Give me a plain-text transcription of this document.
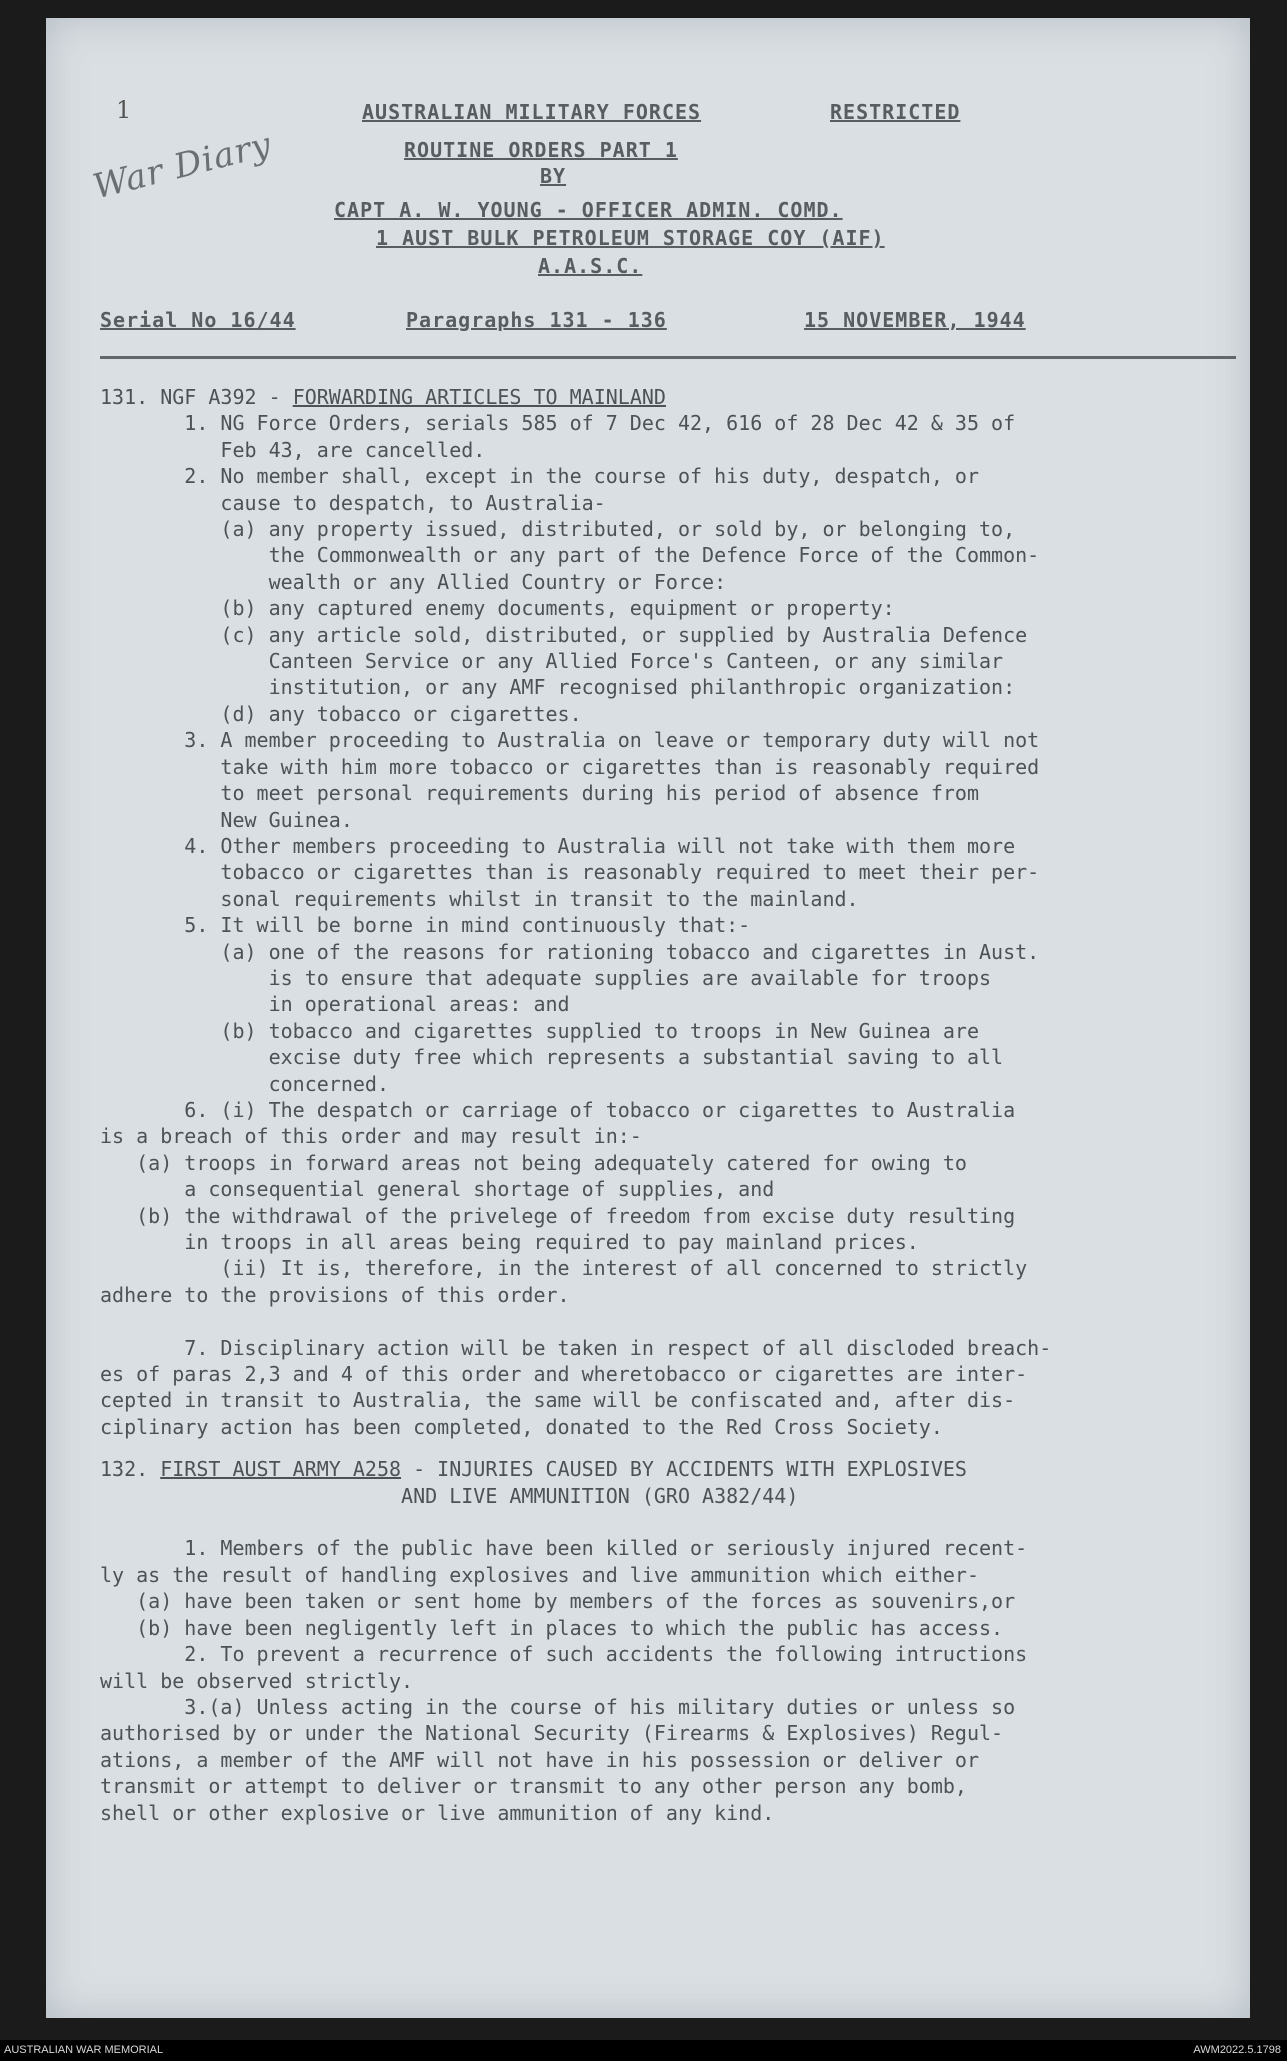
1
War Diary
AUSTRALIAN MILITARY FORCES	RESTRICTED
ROUTINE ORDERS PART 1
BY
CAPT A. W. YOUNG - OFFICER ADMIN. COMD.
1 AUST BULK PETROLEUM STORAGE COY (AIF)
A.A.S.C.
Serial No 16/44	Paragraphs 131 - 136	15 NOVEMBER, 1944
131. NGF A392 - FORWARDING ARTICLES TO MAINLAND
1. NG Force Orders, serials 585 of 7 Dec 42, 616 of 28 Dec 42 & 35 of
Feb 43, are cancelled.
2. No member shall, except in the course of his duty, despatch, or
cause to despatch, to Australia-
(a) any property issued, distributed, or sold by, or belonging to,
the Commonwealth or any part of the Defence Force of the Common-
wealth or any Allied Country or Force:
(b) any captured enemy documents, equipment or property:
(c) any article sold, distributed, or supplied by Australia Defence
Canteen Service or any Allied Force's Canteen, or any similar
institution, or any AMF recognised philanthropic organization:
(d) any tobacco or cigarettes.
3. A member proceeding to Australia on leave or temporary duty will not
take with him more tobacco or cigarettes than is reasonably required
to meet personal requirements during his period of absence from
New Guinea.
4. Other members proceeding to Australia will not take with them more
tobacco or cigarettes than is reasonably required to meet their per-
sonal requirements whilst in transit to the mainland.
5. It will be borne in mind continuously that:-
(a) one of the reasons for rationing tobacco and cigarettes in Aust.
is to ensure that adequate supplies are available for troops
in operational areas: and
(b) tobacco and cigarettes supplied to troops in New Guinea are
excise duty free which represents a substantial saving to all
concerned.
6. (i) The despatch or carriage of tobacco or cigarettes to Australia
is a breach of this order and may result in:-
(a) troops in forward areas not being adequately catered for owing to
a consequential general shortage of supplies, and
(b) the withdrawal of the privelege of freedom from excise duty resulting
in troops in all areas being required to pay mainland prices.
(ii) It is, therefore, in the interest of all concerned to strictly
adhere to the provisions of this order.

7. Disciplinary action will be taken in respect of all discloded breach-
es of paras 2,3 and 4 of this order and wheretobacco or cigarettes are inter-
cepted in transit to Australia, the same will be confiscated and, after dis-
ciplinary action has been completed, donated to the Red Cross Society.
132. FIRST AUST ARMY A258 - INJURIES CAUSED BY ACCIDENTS WITH EXPLOSIVES
AND LIVE AMMUNITION (GRO A382/44)

1. Members of the public have been killed or seriously injured recent-
ly as the result of handling explosives and live ammunition which either-
(a) have been taken or sent home by members of the forces as souvenirs,or
(b) have been negligently left in places to which the public has access.
2. To prevent a recurrence of such accidents the following intructions
will be observed strictly.
3.(a) Unless acting in the course of his military duties or unless so
authorised by or under the National Security (Firearms & Explosives) Regul-
ations, a member of the AMF will not have in his possession or deliver or
transmit or attempt to deliver or transmit to any other person any bomb,
shell or other explosive or live ammunition of any kind.
AUSTRALIAN WAR MEMORIAL	AWM2022.5.1798
